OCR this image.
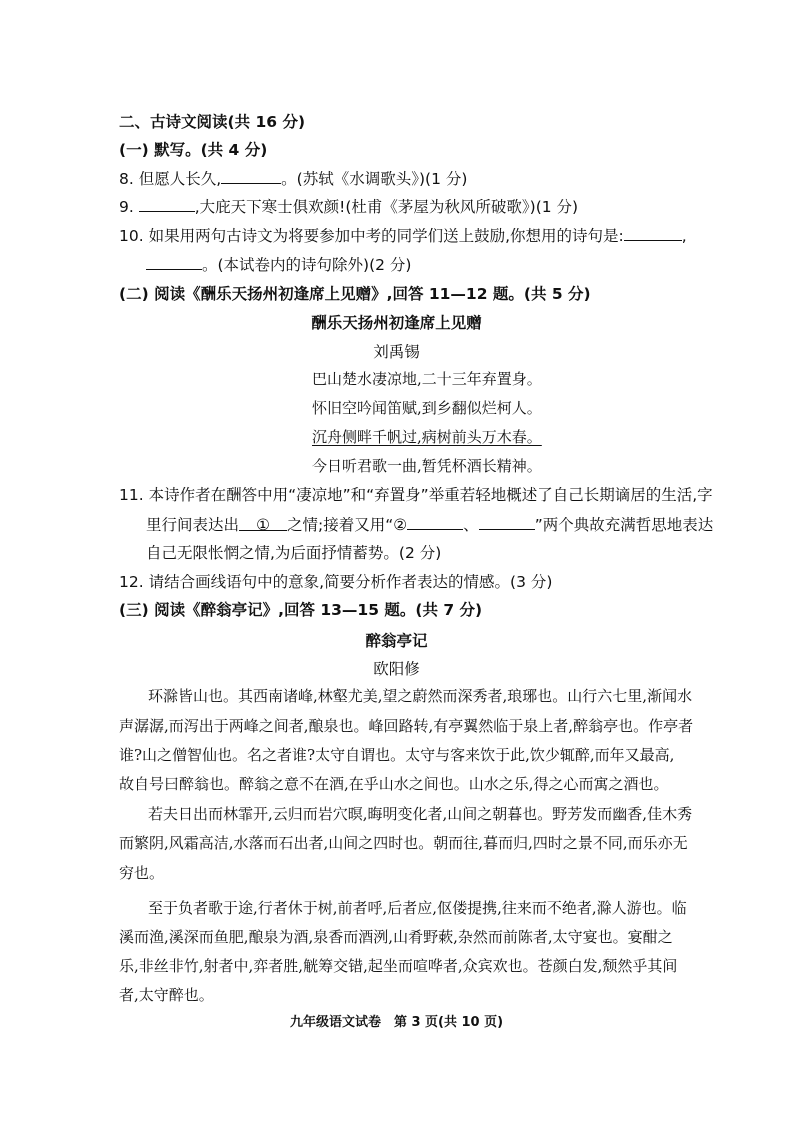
二、古诗文阅读(共 16 分)
(一) 默写。(共 4 分)
8. 但愿人长久,	。(苏轼《水调歌头》)(1 分)
9.	,大庇天下寒士俱欢颜!(杜甫《茅屋为秋风所破歌》)(1 分)
10. 如果用两句古诗文为将要参加中考的同学们送上鼓励,你想用的诗句是:	,
。(本试卷内的诗句除外)(2 分)
(二) 阅读《酬乐天扬州初逢席上见赠》,回答 11—12 题。(共 5 分)
酬乐天扬州初逢席上见赠
刘禹锡
巴山楚水凄凉地,二十三年弃置身。
怀旧空吟闻笛赋,到乡翻似烂柯人。
沉舟侧畔千帆过,病树前头万木春。
今日听君歌一曲,暂凭杯酒长精神。
11. 本诗作者在酬答中用“凄凉地”和“弃置身”举重若轻地概述了自己长期谪居的生活,字
里行间表达出 ① 之情;接着又用“②	、	”两个典故充满哲思地表达
自己无限怅惘之情,为后面抒情蓄势。(2 分)
12. 请结合画线语句中的意象,简要分析作者表达的情感。(3 分)
(三) 阅读《醉翁亭记》,回答 13—15 题。(共 7 分)
醉翁亭记
欧阳修
环滁皆山也。其西南诸峰,林壑尤美,望之蔚然而深秀者,琅琊也。山行六七里,渐闻水
声潺潺,而泻出于两峰之间者,酿泉也。峰回路转,有亭翼然临于泉上者,醉翁亭也。作亭者
谁?山之僧智仙也。名之者谁?太守自谓也。太守与客来饮于此,饮少辄醉,而年又最高,
故自号曰醉翁也。醉翁之意不在酒,在乎山水之间也。山水之乐,得之心而寓之酒也。
若夫日出而林霏开,云归而岩穴暝,晦明变化者,山间之朝暮也。野芳发而幽香,佳木秀
而繁阴,风霜高洁,水落而石出者,山间之四时也。朝而往,暮而归,四时之景不同,而乐亦无
穷也。
至于负者歌于途,行者休于树,前者呼,后者应,伛偻提携,往来而不绝者,滁人游也。临
溪而渔,溪深而鱼肥,酿泉为酒,泉香而酒洌,山肴野蔌,杂然而前陈者,太守宴也。宴酣之
乐,非丝非竹,射者中,弈者胜,觥筹交错,起坐而喧哗者,众宾欢也。苍颜白发,颓然乎其间
者,太守醉也。
九年级语文试卷　第 3 页(共 10 页)
